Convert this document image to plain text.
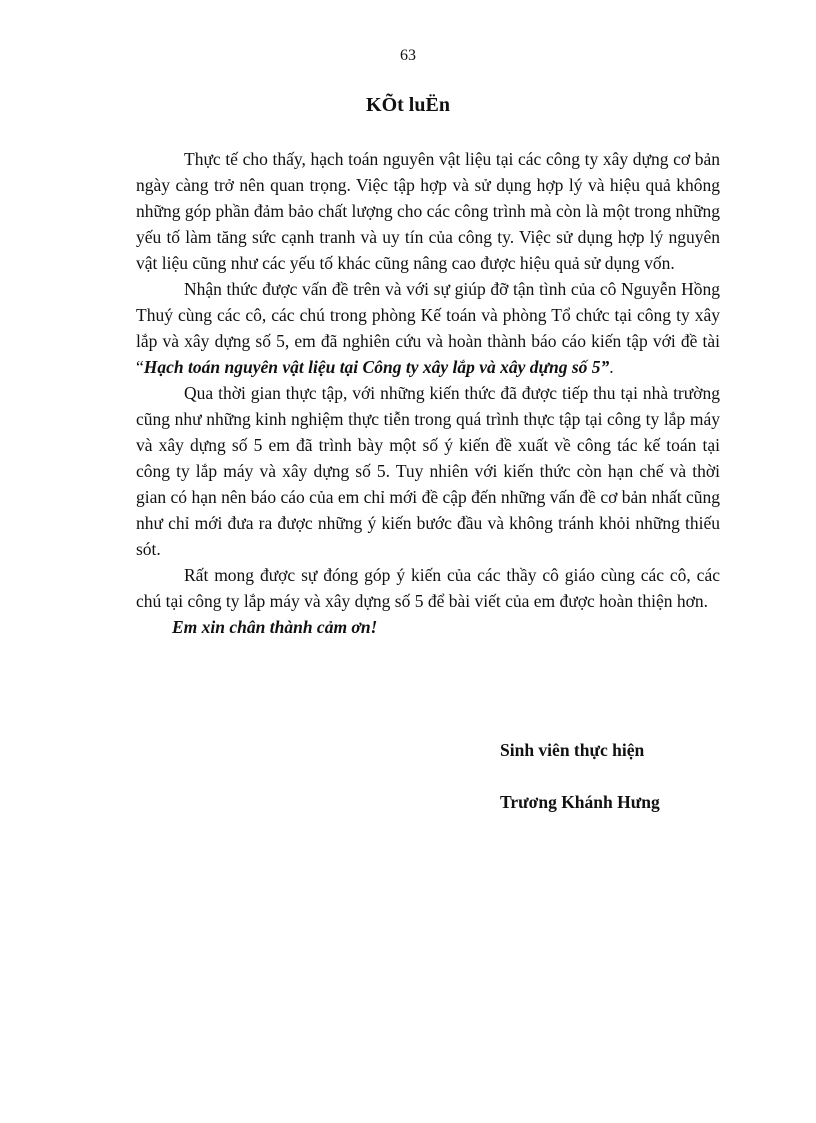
63
KÕt luËn

Thực tế cho thấy, hạch toán nguyên vật liệu tại các công ty xây dựng cơ bản ngày càng trở nên quan trọng. Việc tập hợp và sử dụng hợp lý và hiệu quả không những góp phần đảm bảo chất lượng cho các công trình mà còn là một trong những yếu tố làm tăng sức cạnh tranh và uy tín của công ty. Việc sử dụng hợp lý nguyên vật liệu cũng như các yếu tố khác cũng nâng cao được hiệu quả sử dụng vốn.

Nhận thức được vấn đề trên và với sự giúp đỡ tận tình của cô Nguyễn Hồng Thuý cùng các cô, các chú trong phòng Kế toán và phòng Tổ chức tại công ty xây lắp và xây dựng số 5, em đã nghiên cứu và hoàn thành báo cáo kiến tập với đề tài “Hạch toán nguyên vật liệu tại Công ty xây lắp và xây dựng số 5”.

Qua thời gian thực tập, với những kiến thức đã được tiếp thu tại nhà trường cũng như những kinh nghiệm thực tiễn trong quá trình thực tập tại công ty lắp máy và xây dựng số 5 em đã trình bày một số ý kiến đề xuất về công tác kế toán tại công ty lắp máy và xây dựng số 5. Tuy nhiên với kiến thức còn hạn chế và thời gian có hạn nên báo cáo của em chỉ mới đề cập đến những vấn đề cơ bản nhất cũng như chỉ mới đưa ra được những ý kiến bước đầu và không tránh khỏi những thiếu sót.

Rất mong được sự đóng góp ý kiến của các thầy cô giáo cùng các cô, các chú tại công ty lắp máy và xây dựng số 5 để bài viết của em được hoàn thiện hơn.

Em xin chân thành cảm ơn!

Sinh viên thực hiện
Trương Khánh Hưng
